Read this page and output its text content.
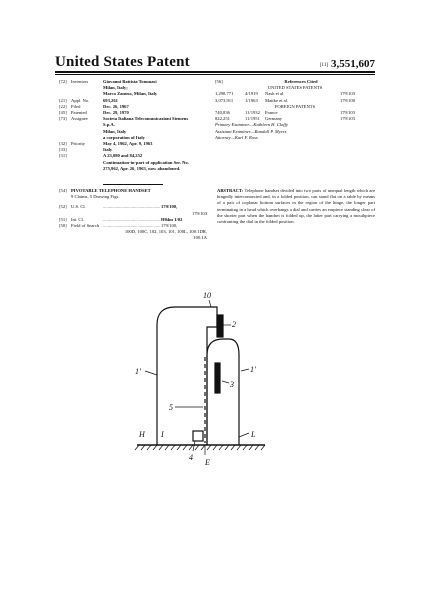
United States Patent	[11] 3,551,607
[72] Inventors	Giovanni Battista Tommasi
Milan, Italy;
Marco Zanuso, Milan, Italy
[21] Appl. No.	693,261
[22] Filed	Dec. 26, 1967
[45] Patented	Dec. 29, 1970
[73] Assignee	Societa Italiana Telecomunicazioni Siemens
S.p.A.
Milan, Italy
a corporation of Italy
[32] Priority	May 4, 1962, Apr. 9, 1963
[33]	Italy
[31]	A 23,080 and 84,252
Continuation-in-part of application Ser. No.
275,962, Apr. 26, 1963, now abandoned.
[54] PIVOTABLE TELEPHONE HANDSET
9 Claims, 5 Drawing Figs.
[52] U.S. Cl.	.................................................. 179/100,
179/103
[51] Int. Cl.	.................................................. H04m 1/02
[50] Field of Search .................................................. 179/100,
100D, 100C, 102, 103, 101, 100L, 100.1DR,
100.1A
[56]	References Cited
UNITED STATES PATENTS
1,298,771	4/1919	Nash et al.	179/103
3,073,911	1/1963	Mattke et al.	179/100
FOREIGN PATENTS
740,836	11/1932	France	179/103
822,251	11/1951	Germany	179/103
Primary Examiner—Kathleen H. Claffy
Assistant Examiner—Randall P. Myers
Attorney—Karl F. Ross
ABSTRACT: Telephone handset divided into two parts of unequal length which are hingedly interconnected and, in a folded position, can stand flat on a table by means of a pair of coplanar bottom surfaces in the region of the hinge, the longer part terminating in a head which overhangs a dial and carries an earpiece standing clear of the shorter part when the handset is folded up, the latter part carrying a mouthpiece confronting the dial in the folded position.
10
2
1'	1'
3
5
H I	L
4
E
